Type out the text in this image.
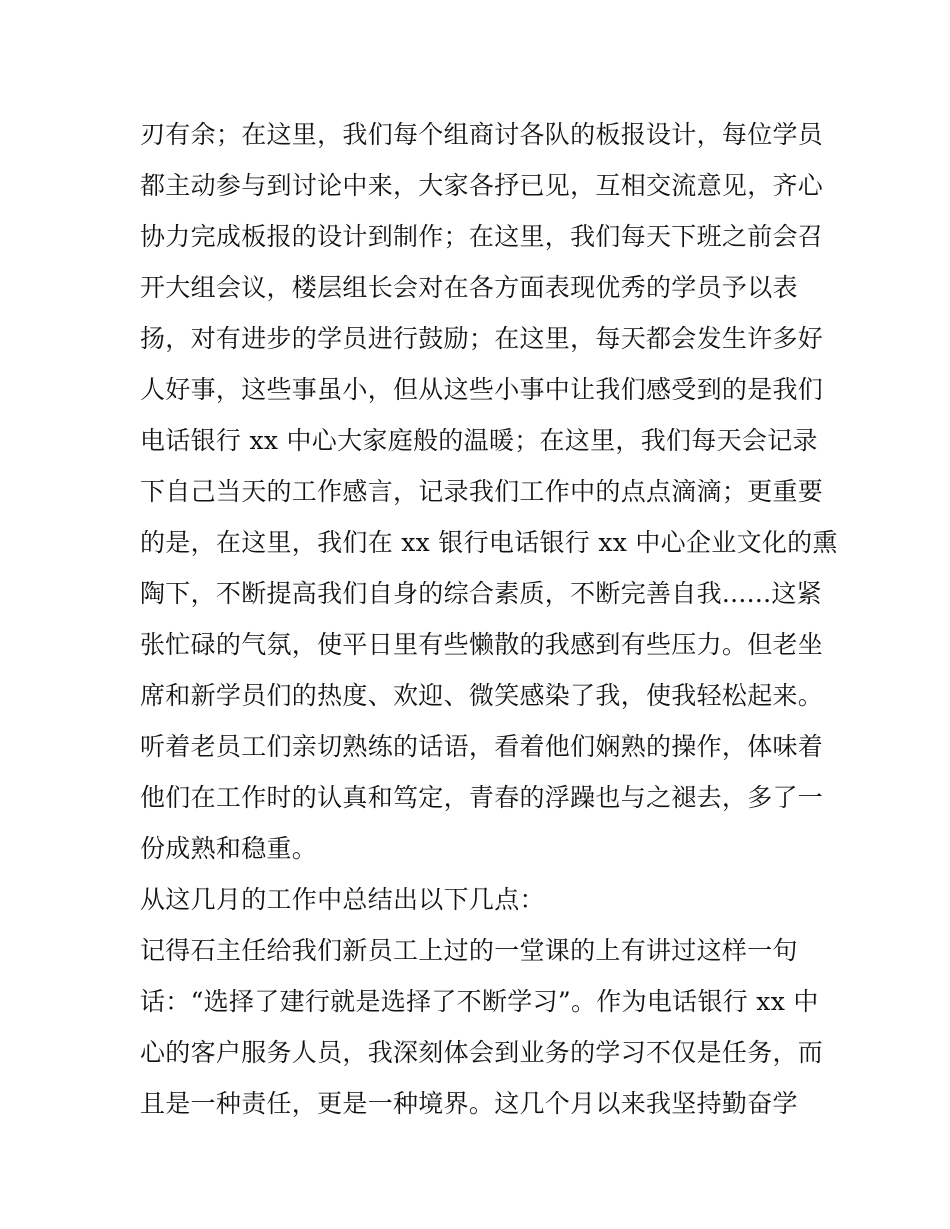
刃有余；在这里，我们每个组商讨各队的板报设计，每位学员
都主动参与到讨论中来，大家各抒已见，互相交流意见，齐心
协力完成板报的设计到制作；在这里，我们每天下班之前会召
开大组会议，楼层组长会对在各方面表现优秀的学员予以表
扬，对有进步的学员进行鼓励；在这里，每天都会发生许多好
人好事，这些事虽小，但从这些小事中让我们感受到的是我们
电话银行 xx 中心大家庭般的温暖；在这里，我们每天会记录
下自己当天的工作感言，记录我们工作中的点点滴滴；更重要
的是，在这里，我们在 xx 银行电话银行 xx 中心企业文化的熏
陶下，不断提高我们自身的综合素质，不断完善自我......这紧
张忙碌的气氛，使平日里有些懒散的我感到有些压力。但老坐
席和新学员们的热度、欢迎、微笑感染了我，使我轻松起来。
听着老员工们亲切熟练的话语，看着他们娴熟的操作，体味着
他们在工作时的认真和笃定，青春的浮躁也与之褪去，多了一
份成熟和稳重。
从这几月的工作中总结出以下几点：
记得石主任给我们新员工上过的一堂课的上有讲过这样一句
话：“选择了建行就是选择了不断学习”。作为电话银行 xx 中
心的客户服务人员，我深刻体会到业务的学习不仅是任务，而
且是一种责任，更是一种境界。这几个月以来我坚持勤奋学
